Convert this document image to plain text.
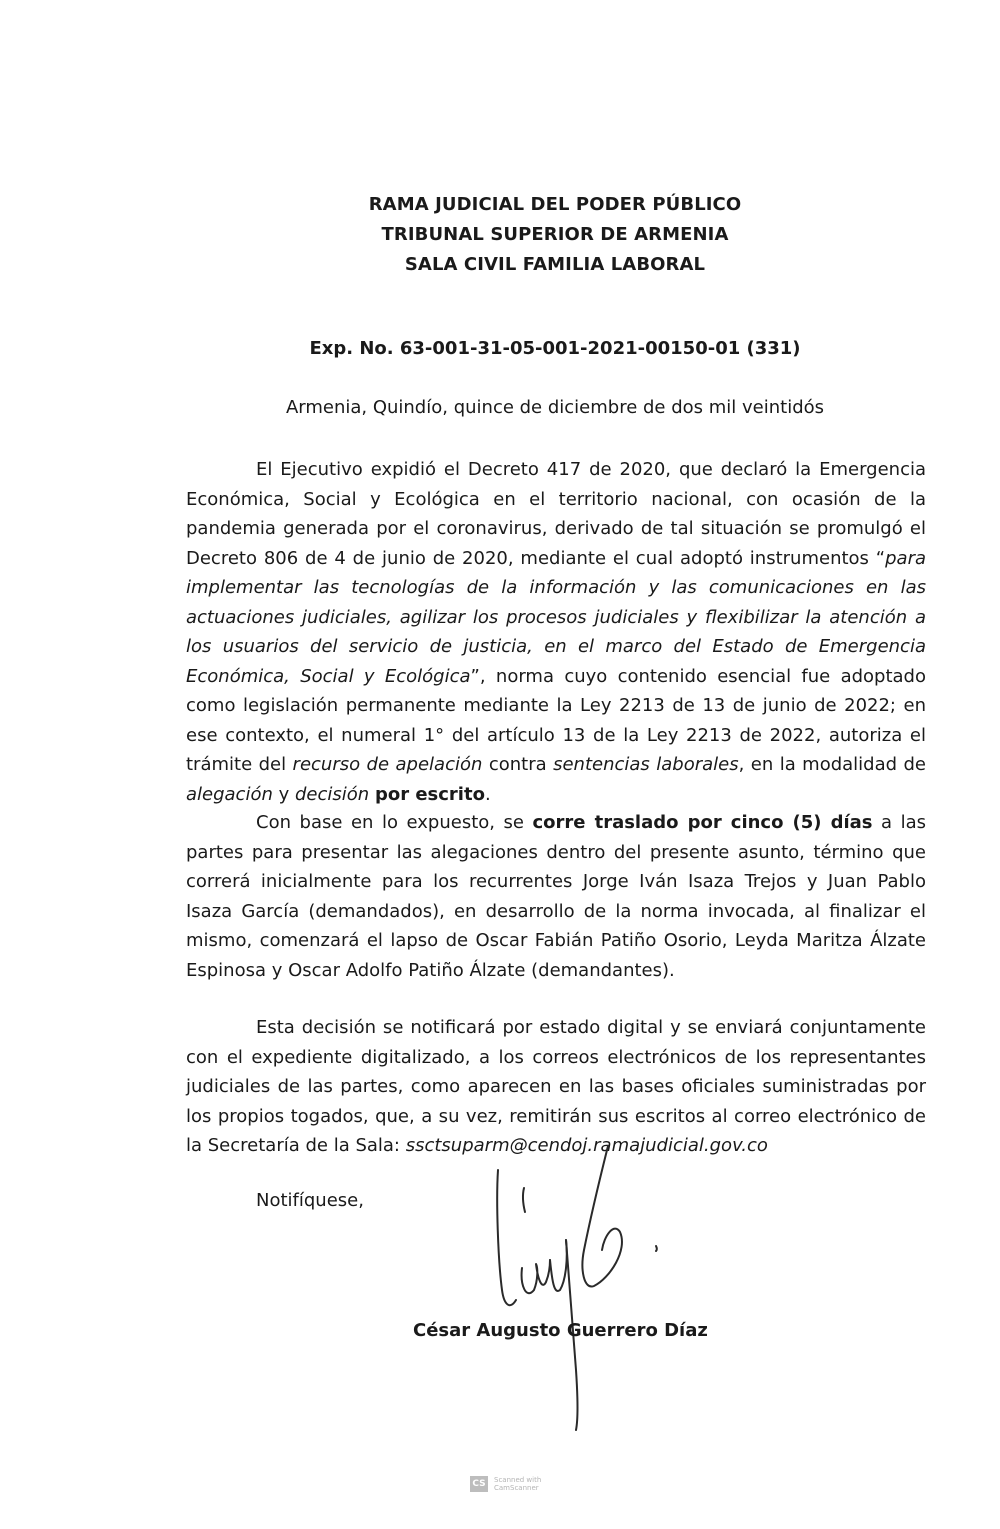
RAMA JUDICIAL DEL PODER PÚBLICO
TRIBUNAL SUPERIOR DE ARMENIA
SALA CIVIL FAMILIA LABORAL
Exp. No. 63-001-31-05-001-2021-00150-01 (331)
Armenia, Quindío, quince de diciembre de dos mil veintidós

El Ejecutivo expidió el Decreto 417 de 2020, que declaró la Emergencia Económica, Social y Ecológica en el territorio nacional, con ocasión de la pandemia generada por el coronavirus, derivado de tal situación se promulgó el Decreto 806 de 4 de junio de 2020, mediante el cual adoptó instrumentos “para implementar las tecnologías de la información y las comunicaciones en las actuaciones judiciales, agilizar los procesos judiciales y flexibilizar la atención a los usuarios del servicio de justicia, en el marco del Estado de Emergencia Económica, Social y Ecológica”, norma cuyo contenido esencial fue adoptado como legislación permanente mediante la Ley 2213 de 13 de junio de 2022; en ese contexto, el numeral 1° del artículo 13 de la Ley 2213 de 2022, autoriza el trámite del recurso de apelación contra sentencias laborales, en la modalidad de alegación y decisión por escrito.

Con base en lo expuesto, se corre traslado por cinco (5) días a las partes para presentar las alegaciones dentro del presente asunto, término que correrá inicialmente para los recurrentes Jorge Iván Isaza Trejos y Juan Pablo Isaza García (demandados), en desarrollo de la norma invocada, al finalizar el mismo, comenzará el lapso de Oscar Fabián Patiño Osorio, Leyda Maritza Álzate Espinosa y Oscar Adolfo Patiño Álzate (demandantes).

Esta decisión se notificará por estado digital y se enviará conjuntamente con el expediente digitalizado, a los correos electrónicos de los representantes judiciales de las partes, como aparecen en las bases oficiales suministradas por los propios togados, que, a su vez, remitirán sus escritos al correo electrónico de la Secretaría de la Sala: ssctsuparm@cendoj.ramajudicial.gov.co

Notifíquese,
César Augusto Guerrero Díaz
CS	Scanned with
CamScanner
